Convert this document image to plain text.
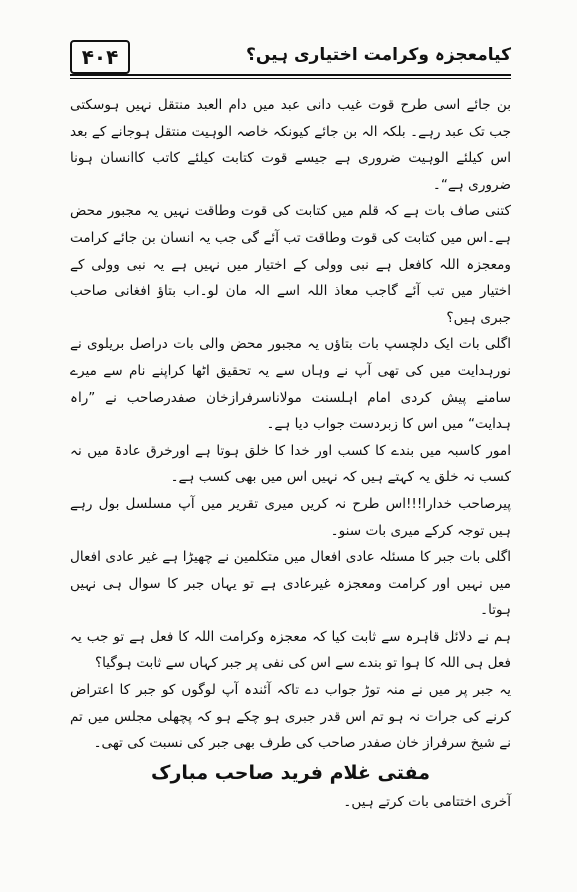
۴۰۴	کیامعجزہ وکرامت اختیاری ہیں؟

بن جائے اسی طرح قوت غیب دانی عبد میں دام العبد منتقل نہیں ہوسکتی جب تک عبد رہے۔ بلکہ الہ بن جائے کیونکہ خاصہ الوہیت منتقل ہوجانے کے بعد اس کیلئے الوہیت ضروری ہے جیسے قوت کتابت کیلئے کاتب کاانسان ہونا ضروری ہے“۔

کتنی صاف بات ہے کہ قلم میں کتابت کی قوت وطاقت نہیں یہ مجبور محض ہے۔اس میں کتابت کی قوت وطاقت تب آئے گی جب یہ انسان بن جائے کرامت ومعجزہ اللہ کافعل ہے نبی وولی کے اختیار میں نہیں ہے یہ نبی وولی کے اختیار میں تب آئے گاجب معاذ اللہ اسے الہ مان لو۔اب بتاؤ افغانی صاحب جبری ہیں؟

اگلی بات ایک دلچسپ بات بتاؤں یہ مجبور محض والی بات دراصل بریلوی نے نورہدایت میں کی تھی آپ نے وہاں سے یہ تحقیق اٹھا کراپنے نام سے میرے سامنے پیش کردی امام اہلسنت مولاناسرفرازخان صفدرصاحب نے ”راہ ہدایت“ میں اس کا زبردست جواب دیا ہے۔

امور کاسبہ میں بندے کا کسب اور خدا کا خلق ہوتا ہے اورخرق عادۃ میں نہ کسب نہ خلق یہ کہتے ہیں کہ نہیں اس میں بھی کسب ہے۔

پیرصاحب خدارا!!!اس طرح نہ کریں میری تقریر میں آپ مسلسل بول رہے ہیں توجہ کرکے میری بات سنو۔

اگلی بات جبر کا مسئلہ عادی افعال میں متکلمین نے چھیڑا ہے غیر عادی افعال میں نہیں اور کرامت ومعجزہ غیرعادی ہے تو یہاں جبر کا سوال ہی نہیں ہوتا۔

ہم نے دلائل قاہرہ سے ثابت کیا کہ معجزہ وکرامت اللہ کا فعل ہے تو جب یہ فعل ہی اللہ کا ہوا تو بندے سے اس کی نفی پر جبر کہاں سے ثابت ہوگیا؟

یہ جبر پر میں نے منہ توڑ جواب دے تاکہ آئندہ آپ لوگوں کو جبر کا اعتراض کرنے کی جرات نہ ہو تم اس قدر جبری ہو چکے ہو کہ پچھلی مجلس میں تم نے شیخ سرفراز خان صفدر صاحب کی طرف بھی جبر کی نسبت کی تھی۔

مفتی غلام فرید صاحب مبارک

آخری اختتامی بات کرتے ہیں۔
